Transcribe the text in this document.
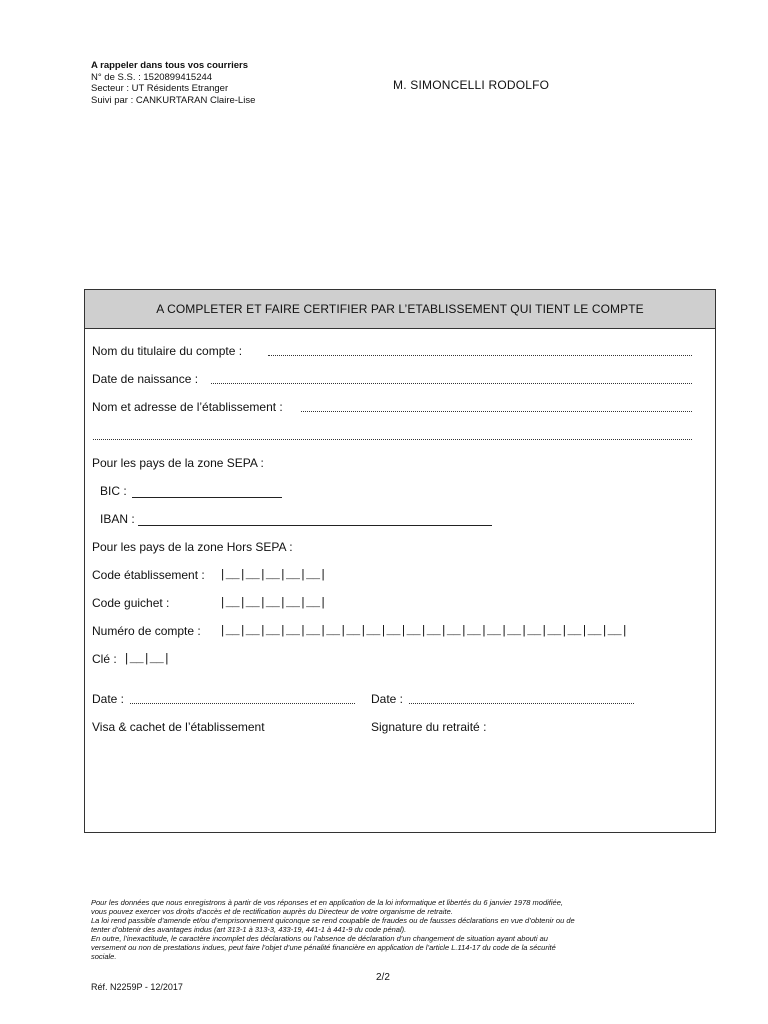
A rappeler dans tous vos courriers
N° de S.S. : 1520899415244
Secteur : UT Résidents Etranger
Suivi par : CANKURTARAN Claire-Lise
M. SIMONCELLI RODOLFO
A COMPLETER ET FAIRE CERTIFIER PAR L’ETABLISSEMENT QUI TIENT LE COMPTE
Nom du titulaire du compte :
Date de naissance :
Nom et adresse de l’établissement :
Pour les pays de la zone SEPA :
BIC :
IBAN :
Pour les pays de la zone Hors SEPA :
Code établissement : |__|__|__|__|__|
Code guichet :	|__|__|__|__|__|
Numéro de compte : |__|__|__|__|__|__|__|__|__|__|__|__|__|__|__|__|__|__|__|__|
Clé : |__|__|
Date :	Date :
Visa & cachet de l’établissement	Signature du retraité :
Pour les données que nous enregistrons à partir de vos réponses et en application de la loi informatique et libertés du 6 janvier 1978 modifiée,
vous pouvez exercer vos droits d’accès et de rectification auprès du Directeur de votre organisme de retraite.
La loi rend passible d’amende et/ou d’emprisonnement quiconque se rend coupable de fraudes ou de fausses déclarations en vue d’obtenir ou de
tenter d’obtenir des avantages indus (art 313-1 à 313-3, 433-19, 441-1 à 441-9 du code pénal).
En outre, l’inexactitude, le caractère incomplet des déclarations ou l’absence de déclaration d’un changement de situation ayant abouti au
versement ou non de prestations indues, peut faire l’objet d’une pénalité financière en application de l’article L.114-17 du code de la sécurité
sociale.
2/2
Réf. N2259P - 12/2017
